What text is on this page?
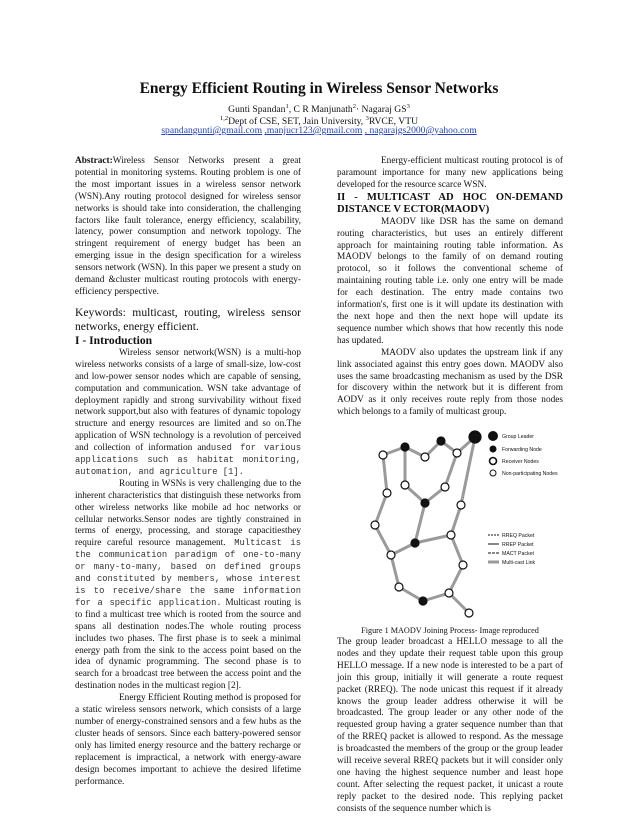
Energy Efficient Routing in Wireless Sensor Networks
Gunti Spandan$^1$, C R Manjunath$^2$· Nagaraj $GS^3$
$^{1,2}$Dept of CSE, SET, Jain University, $^3$RVCE, VTU
spandangunti@gmail.com ,manjucr123@gmail.com , nagarajgs2000@yahoo.com

Abstract:Wireless Sensor Networks present a great potential in monitoring systems. Routing problem is one of the most important issues in a wireless sensor network (WSN).Any routing protocol designed for wireless sensor networks is should take into consideration, the challenging factors like fault tolerance, energy efficiency, scalability, latency, power consumption and network topology. The stringent requirement of energy budget has been an emerging issue in the design specification for a wireless sensors network (WSN). In this paper we present a study on demand &cluster multicast routing protocols with energy-efficiency perspective.

Keywords: multicast, routing, wireless sensor networks, energy efficient.

I - Introduction

Wireless sensor network(WSN) is a multi-hop wireless networks consists of a large of small-size, low-cost and low-power sensor nodes which are capable of sensing, computation and communication. WSN take advantage of deployment rapidly and strong survivability without fixed network support,but also with features of dynamic topology structure and energy resources are limited and so on.The application of WSN technology is a revolution of perceived and collection of information andused for various applications such as habitat monitoring, automation, and agriculture [1].

Routing in WSNs is very challenging due to the inherent characteristics that distinguish these networks from other wireless networks like mobile ad hoc networks or cellular networks.Sensor nodes are tightly constrained in terms of energy, processing, and storage capacitiesthey require careful resource management. Multicast is the communication paradigm of one-to-many or many-to-many, based on defined groups and constituted by members, whose interest is to receive/share the same information for a specific application. Multicast routing is to find a multicast tree which is rooted from the source and spans all destination nodes.The whole routing process includes two phases. The first phase is to seek a minimal energy path from the sink to the access point based on the idea of dynamic programming. The second phase is to search for a broadcast tree between the access point and the destination nodes in the multicast region [2].

Energy Efficient Routing method is proposed for a static wireless sensors network, which consists of a large number of energy-constrained sensors and a few hubs as the cluster heads of sensors. Since each battery-powered sensor only has limited energy resource and the battery recharge or replacement is impractical, a network with energy-aware design becomes important to achieve the desired lifetime performance.

Energy-efficient multicast routing protocol is of paramount importance for many new applications being developed for the resource scarce WSN.

II - MULTICAST AD HOC ON-DEMAND DISTANCE V ECTOR(MAODV)

MAODV like DSR has the same on demand routing characteristics, but uses an entirely different approach for maintaining routing table information. As MAODV belongs to the family of on demand routing protocol, so it follows the conventional scheme of maintaining routing table i.e. only one entry will be made for each destination. The entry made contains two information's, first one is it will update its destination with the next hope and then the next hope will update its sequence number which shows that how recently this node has updated.

MAODV also updates the upstream link if any link associated against this entry goes down. MAODV also uses the same broadcasting mechanism as used by the DSR for discovery within the network but it is different from AODV as it only receives route reply from those nodes which belongs to a family of multicast group.

Group Leader
Forwarding Node
Receiver Nodes
Non-participating Nodes
RREQ Packet
RREP Packet
MACT Packet
Multi-cast Link

Figure 1 MAODV Joining Process- Image reproduced

The group leader broadcast a HELLO message to all the nodes and they update their request table upon this group HELLO message. If a new node is interested to be a part of join this group, initially it will generate a route request packet (RREQ). The node unicast this request if it already knows the group leader address otherwise it will be broadcasted. The group leader or any other node of the requested group having a grater sequence number than that of the RREQ packet is allowed to respond. As the message is broadcasted the members of the group or the group leader will receive several RREQ packets but it will consider only one having the highest sequence number and least hope count. After selecting the request packet, it unicast a route reply packet to the desired node. This replying packet consists of the sequence number which is
